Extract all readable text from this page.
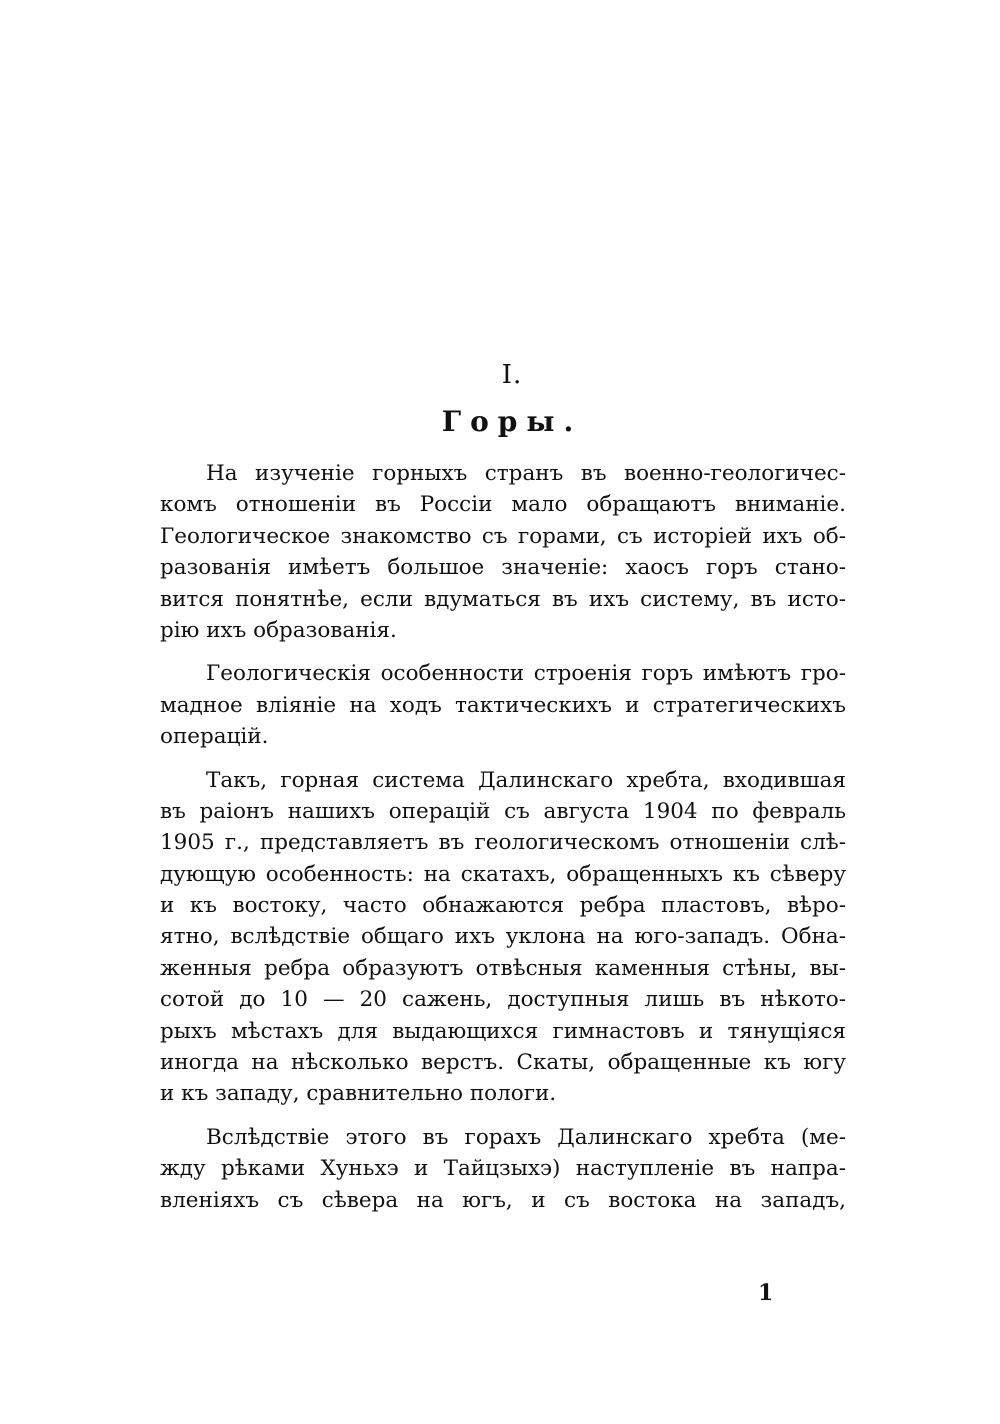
I.
Горы.
На изученіе горныхъ странъ въ военно-геологичес-
комъ отношеніи въ Россіи мало обращаютъ вниманіе.
Геологическое знакомство съ горами, съ исторіей ихъ об-
разованія имѣетъ большое значеніе: хаосъ горъ стано-
вится понятнѣе, если вдуматься въ ихъ систему, въ исто-
рію ихъ образованія.
Геологическія особенности строенія горъ имѣютъ гро-
мадное вліяніе на ходъ тактическихъ и стратегическихъ
операцій.
Такъ, горная система Далинскаго хребта, входившая
въ раіонъ нашихъ операцій съ августа 1904 по февраль
1905 г., представляетъ въ геологическомъ отношеніи слѣ-
дующую особенность: на скатахъ, обращенныхъ къ сѣверу
и къ востоку, часто обнажаются ребра пластовъ, вѣро-
ятно, вслѣдствіе общаго ихъ уклона на юго-западъ. Обна-
женныя ребра образуютъ отвѣсныя каменныя стѣны, вы-
сотой до 10 — 20 сажень, доступныя лишь въ нѣкото-
рыхъ мѣстахъ для выдающихся гимнастовъ и тянущіяся
иногда на нѣсколько верстъ. Скаты, обращенные къ югу
и къ западу, сравнительно пологи.
Вслѣдствіе этого въ горахъ Далинскаго хребта (ме-
жду рѣками Хуньхэ и Тайцзыхэ) наступленіе въ напра-
вленіяхъ съ сѣвера на югъ, и съ востока на западъ,
1
